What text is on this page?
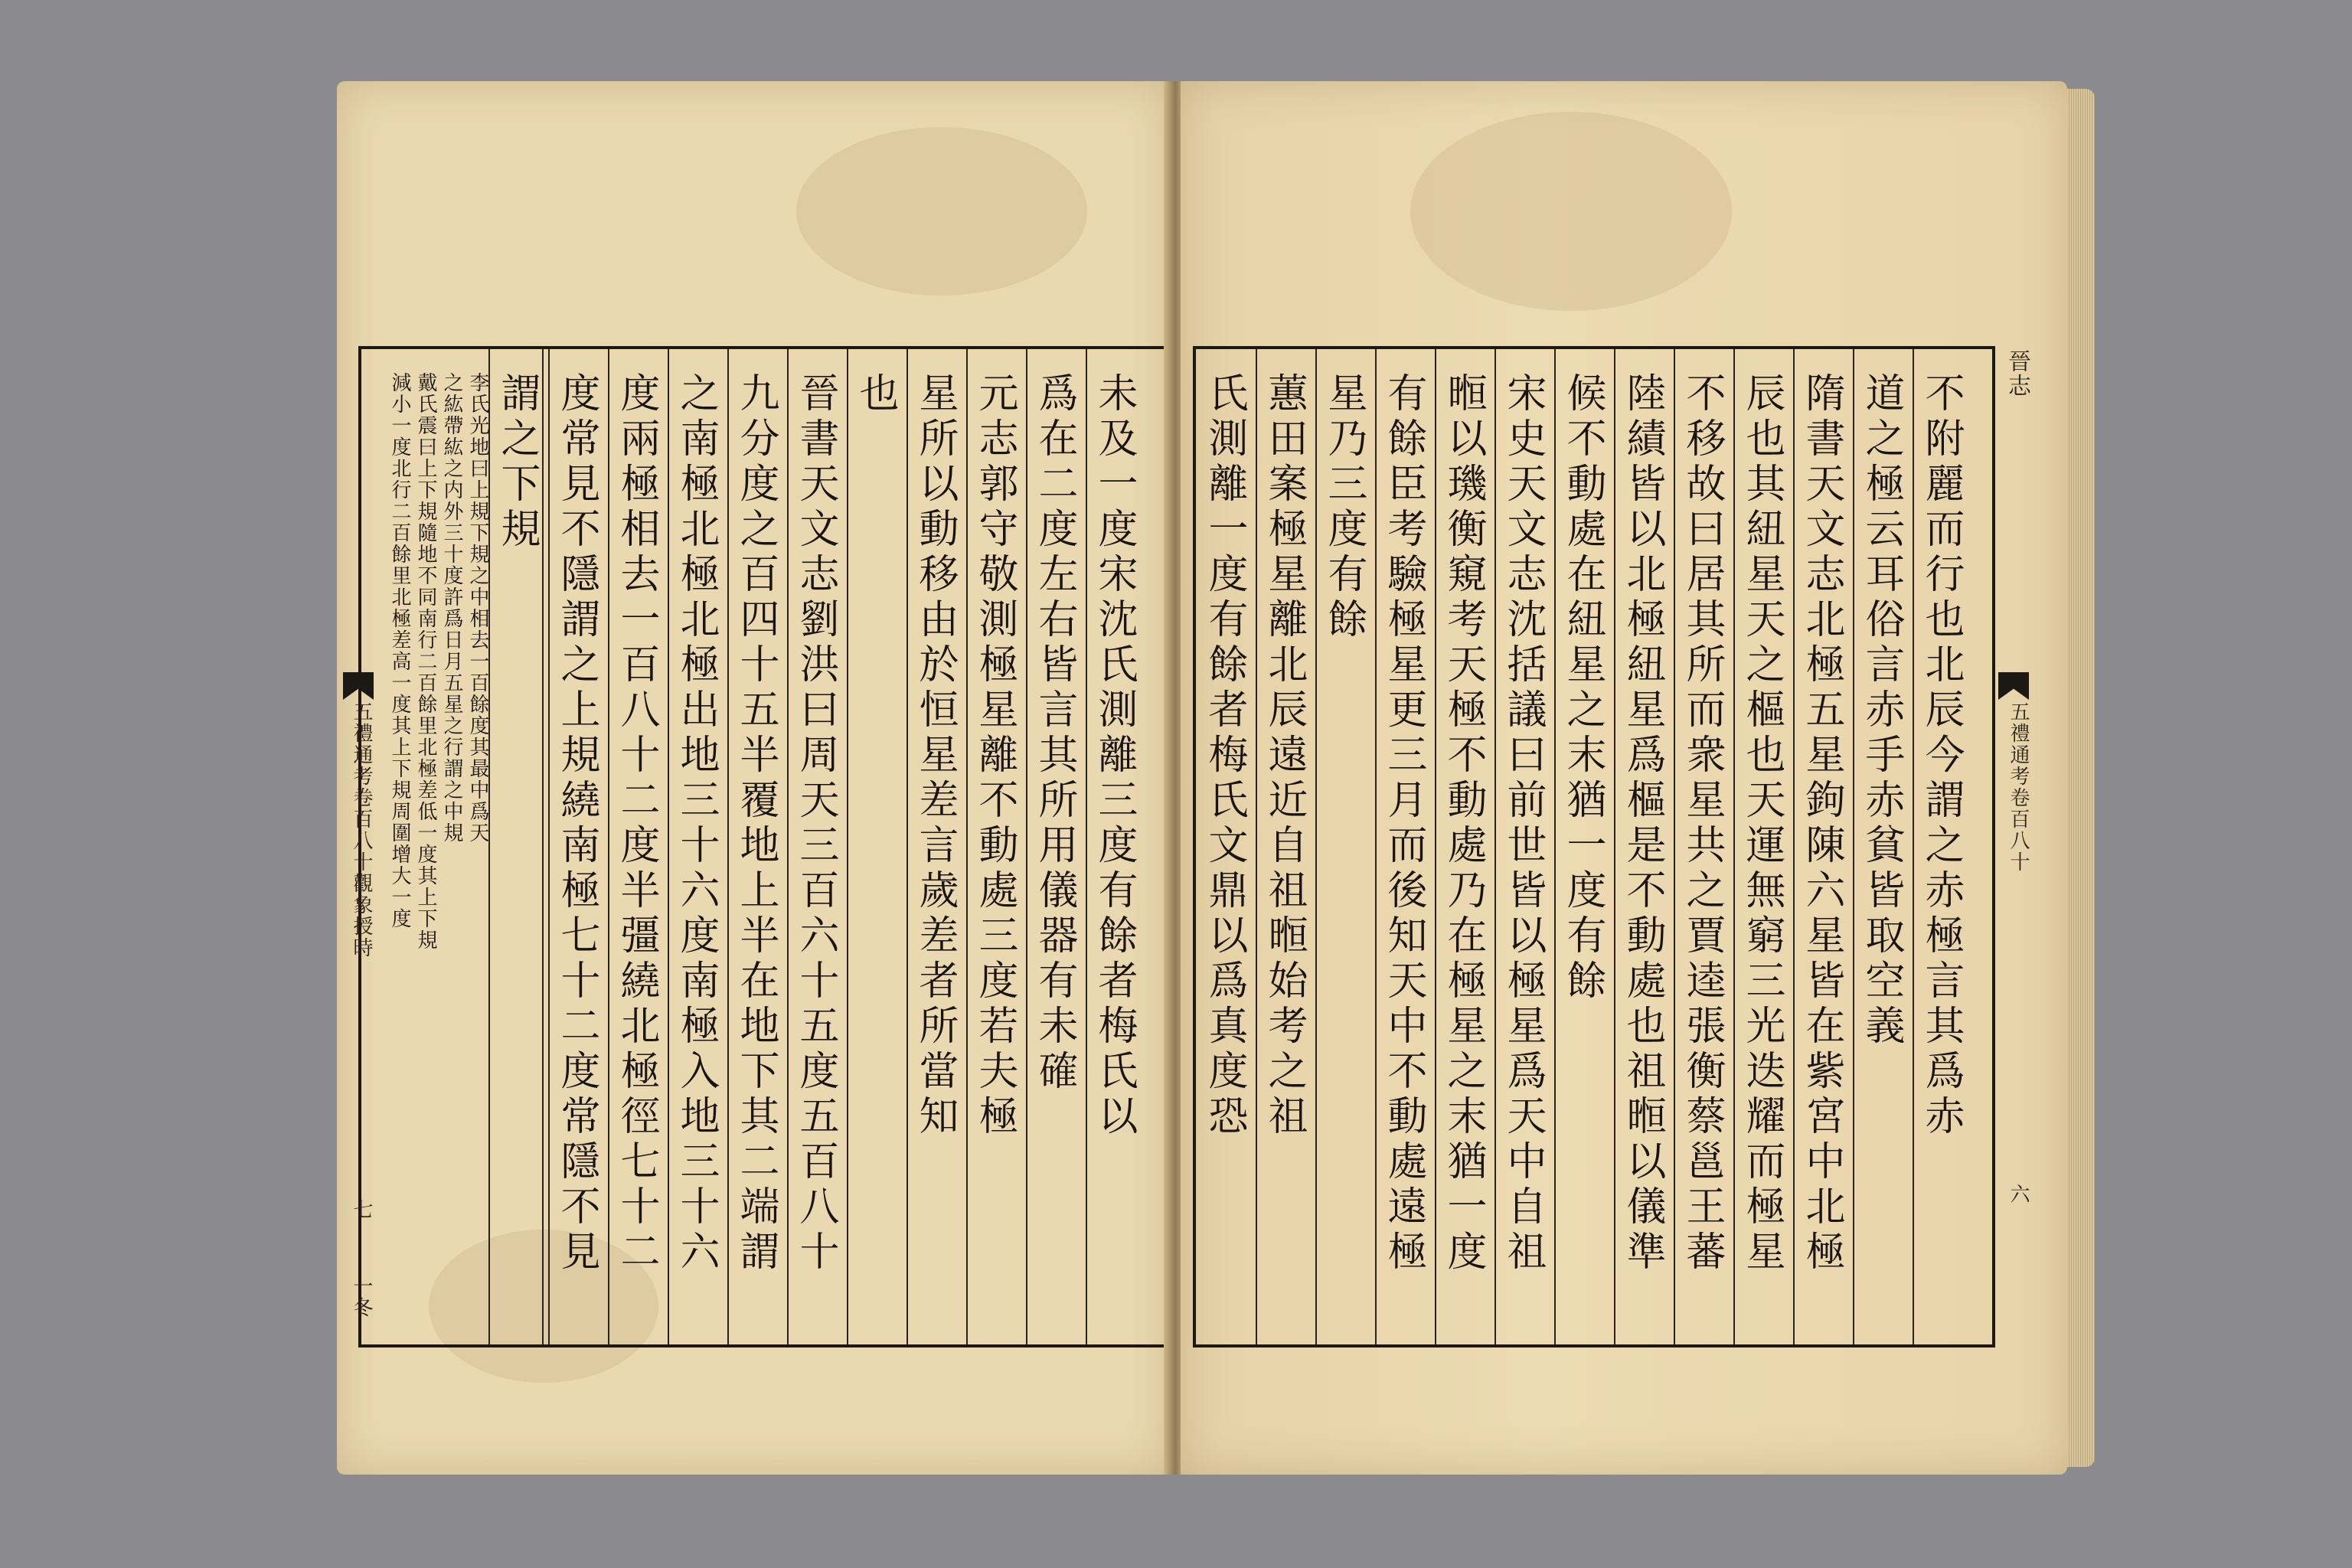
未及一度宋沈氏測離三度有餘者梅氏以
爲在二度左右皆言其所用儀器有未確
元志郭守敬測極星離不動處三度若夫極
星所以動移由於恒星差言歲差者所當知
也
晉書天文志劉洪曰周天三百六十五度五百八十
九分度之百四十五半覆地上半在地下其二端謂
之南極北極北極出地三十六度南極入地三十六
度兩極相去一百八十二度半彊繞北極徑七十二
度常見不隱謂之上規繞南極七十二度常隱不見
謂之下規
李氏光地曰上規下規之中相去一百餘度其最中爲天
之紘帶紘之内外三十度許爲日月五星之行謂之中規
戴氏震曰上下規隨地不同南行二百餘里北極差低一度其上下規
減小一度北行二百餘里北極差高一度其上下規周圍增大一度
五禮通考卷百八十觀象授時
七
一冬
不附麗而行也北辰今謂之赤極言其爲赤
道之極云耳俗言赤手赤貧皆取空義
隋書天文志北極五星鉤陳六星皆在紫宮中北極
辰也其紐星天之樞也天運無窮三光迭耀而極星
不移故曰居其所而衆星共之賈逵張衡蔡邕王蕃
陸績皆以北極紐星爲樞是不動處也祖暅以儀準
候不動處在紐星之末猶一度有餘
宋史天文志沈括議曰前世皆以極星爲天中自祖
暅以璣衡窺考天極不動處乃在極星之末猶一度
有餘臣考驗極星更三月而後知天中不動處遠極
星乃三度有餘
蕙田案極星離北辰遠近自祖暅始考之祖
氏測離一度有餘者梅氏文鼎以爲真度恐	晉志
五禮通考卷百八十
六
